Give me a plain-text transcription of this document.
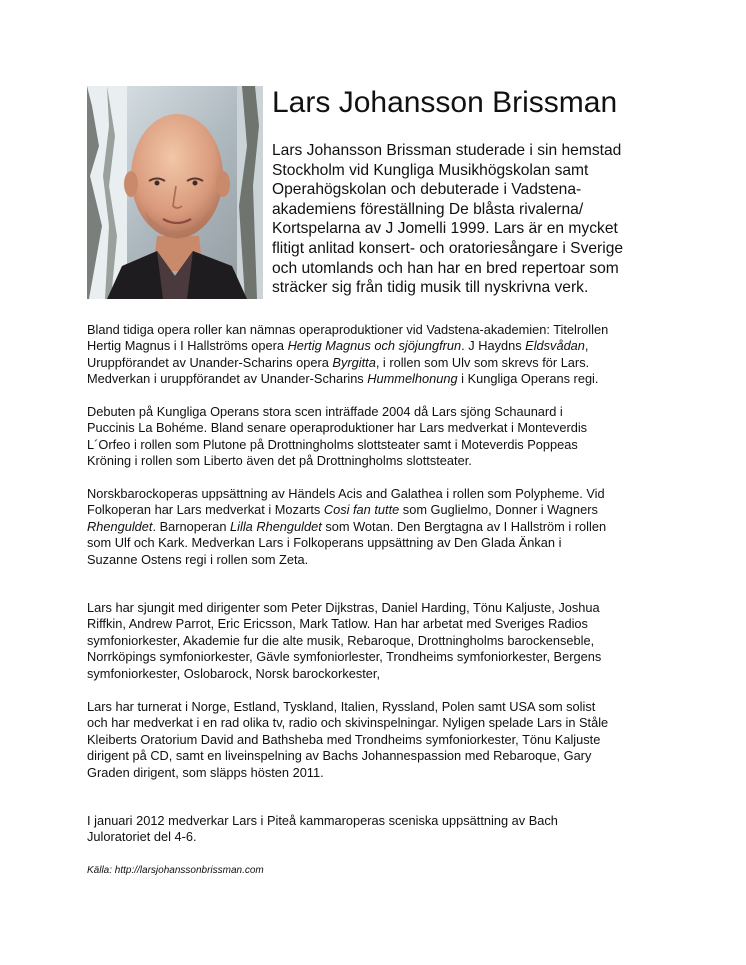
Lars Johansson Brissman

Lars Johansson Brissman studerade i sin hemstad
Stockholm vid Kungliga Musikhögskolan samt
Operahögskolan och debuterade i Vadstena-
akademiens föreställning De blåsta rivalerna/
Kortspelarna av J Jomelli 1999. Lars är en mycket
flitigt anlitad konsert- och oratoriesångare i Sverige
och utomlands och han har en bred repertoar som
sträcker sig från tidig musik till nyskrivna verk.

Bland tidiga opera roller kan nämnas operaproduktioner vid Vadstena-akademien: Titelrollen
Hertig Magnus i I Hallströms opera Hertig Magnus och sjöjungfrun. J Haydns Eldsvådan,
Uruppförandet av Unander-Scharins opera Byrgitta, i rollen som Ulv som skrevs för Lars.
Medverkan i uruppförandet av Unander-Scharins Hummelhonung i Kungliga Operans regi.

Debuten på Kungliga Operans stora scen inträffade 2004 då Lars sjöng Schaunard i
Puccinis La Bohéme. Bland senare operaproduktioner har Lars medverkat i Monteverdis
L´Orfeo i rollen som Plutone på Drottningholms slottsteater samt i Moteverdis Poppeas
Kröning i rollen som Liberto även det på Drottningholms slottsteater.

Norskbarockoperas uppsättning av Händels Acis and Galathea i rollen som Polypheme. Vid
Folkoperan har Lars medverkat i Mozarts Cosi fan tutte som Guglielmo, Donner i Wagners
Rhenguldet. Barnoperan Lilla Rhenguldet som Wotan. Den Bergtagna av I Hallström i rollen
som Ulf och Kark. Medverkan Lars i Folkoperans uppsättning av Den Glada Änkan i
Suzanne Ostens regi i rollen som Zeta.

Lars har sjungit med dirigenter som Peter Dijkstras, Daniel Harding, Tönu Kaljuste, Joshua
Riffkin, Andrew Parrot, Eric Ericsson, Mark Tatlow. Han har arbetat med Sveriges Radios
symfoniorkester, Akademie fur die alte musik, Rebaroque, Drottningholms barockenseble,
Norrköpings symfoniorkester, Gävle symfoniorlester, Trondheims symfoniorkester, Bergens
symfoniorkester, Oslobarock, Norsk barockorkester,

Lars har turnerat i Norge, Estland, Tyskland, Italien, Ryssland, Polen samt USA som solist
och har medverkat i en rad olika tv, radio och skivinspelningar. Nyligen spelade Lars in Ståle
Kleiberts Oratorium David and Bathsheba med Trondheims symfoniorkester, Tönu Kaljuste
dirigent på CD, samt en liveinspelning av Bachs Johannespassion med Rebaroque, Gary
Graden dirigent, som släpps hösten 2011.

I januari 2012 medverkar Lars i Piteå kammaroperas sceniska uppsättning av Bach
Juloratoriet del 4-6.

Källa: http://larsjohanssonbrissman.com
